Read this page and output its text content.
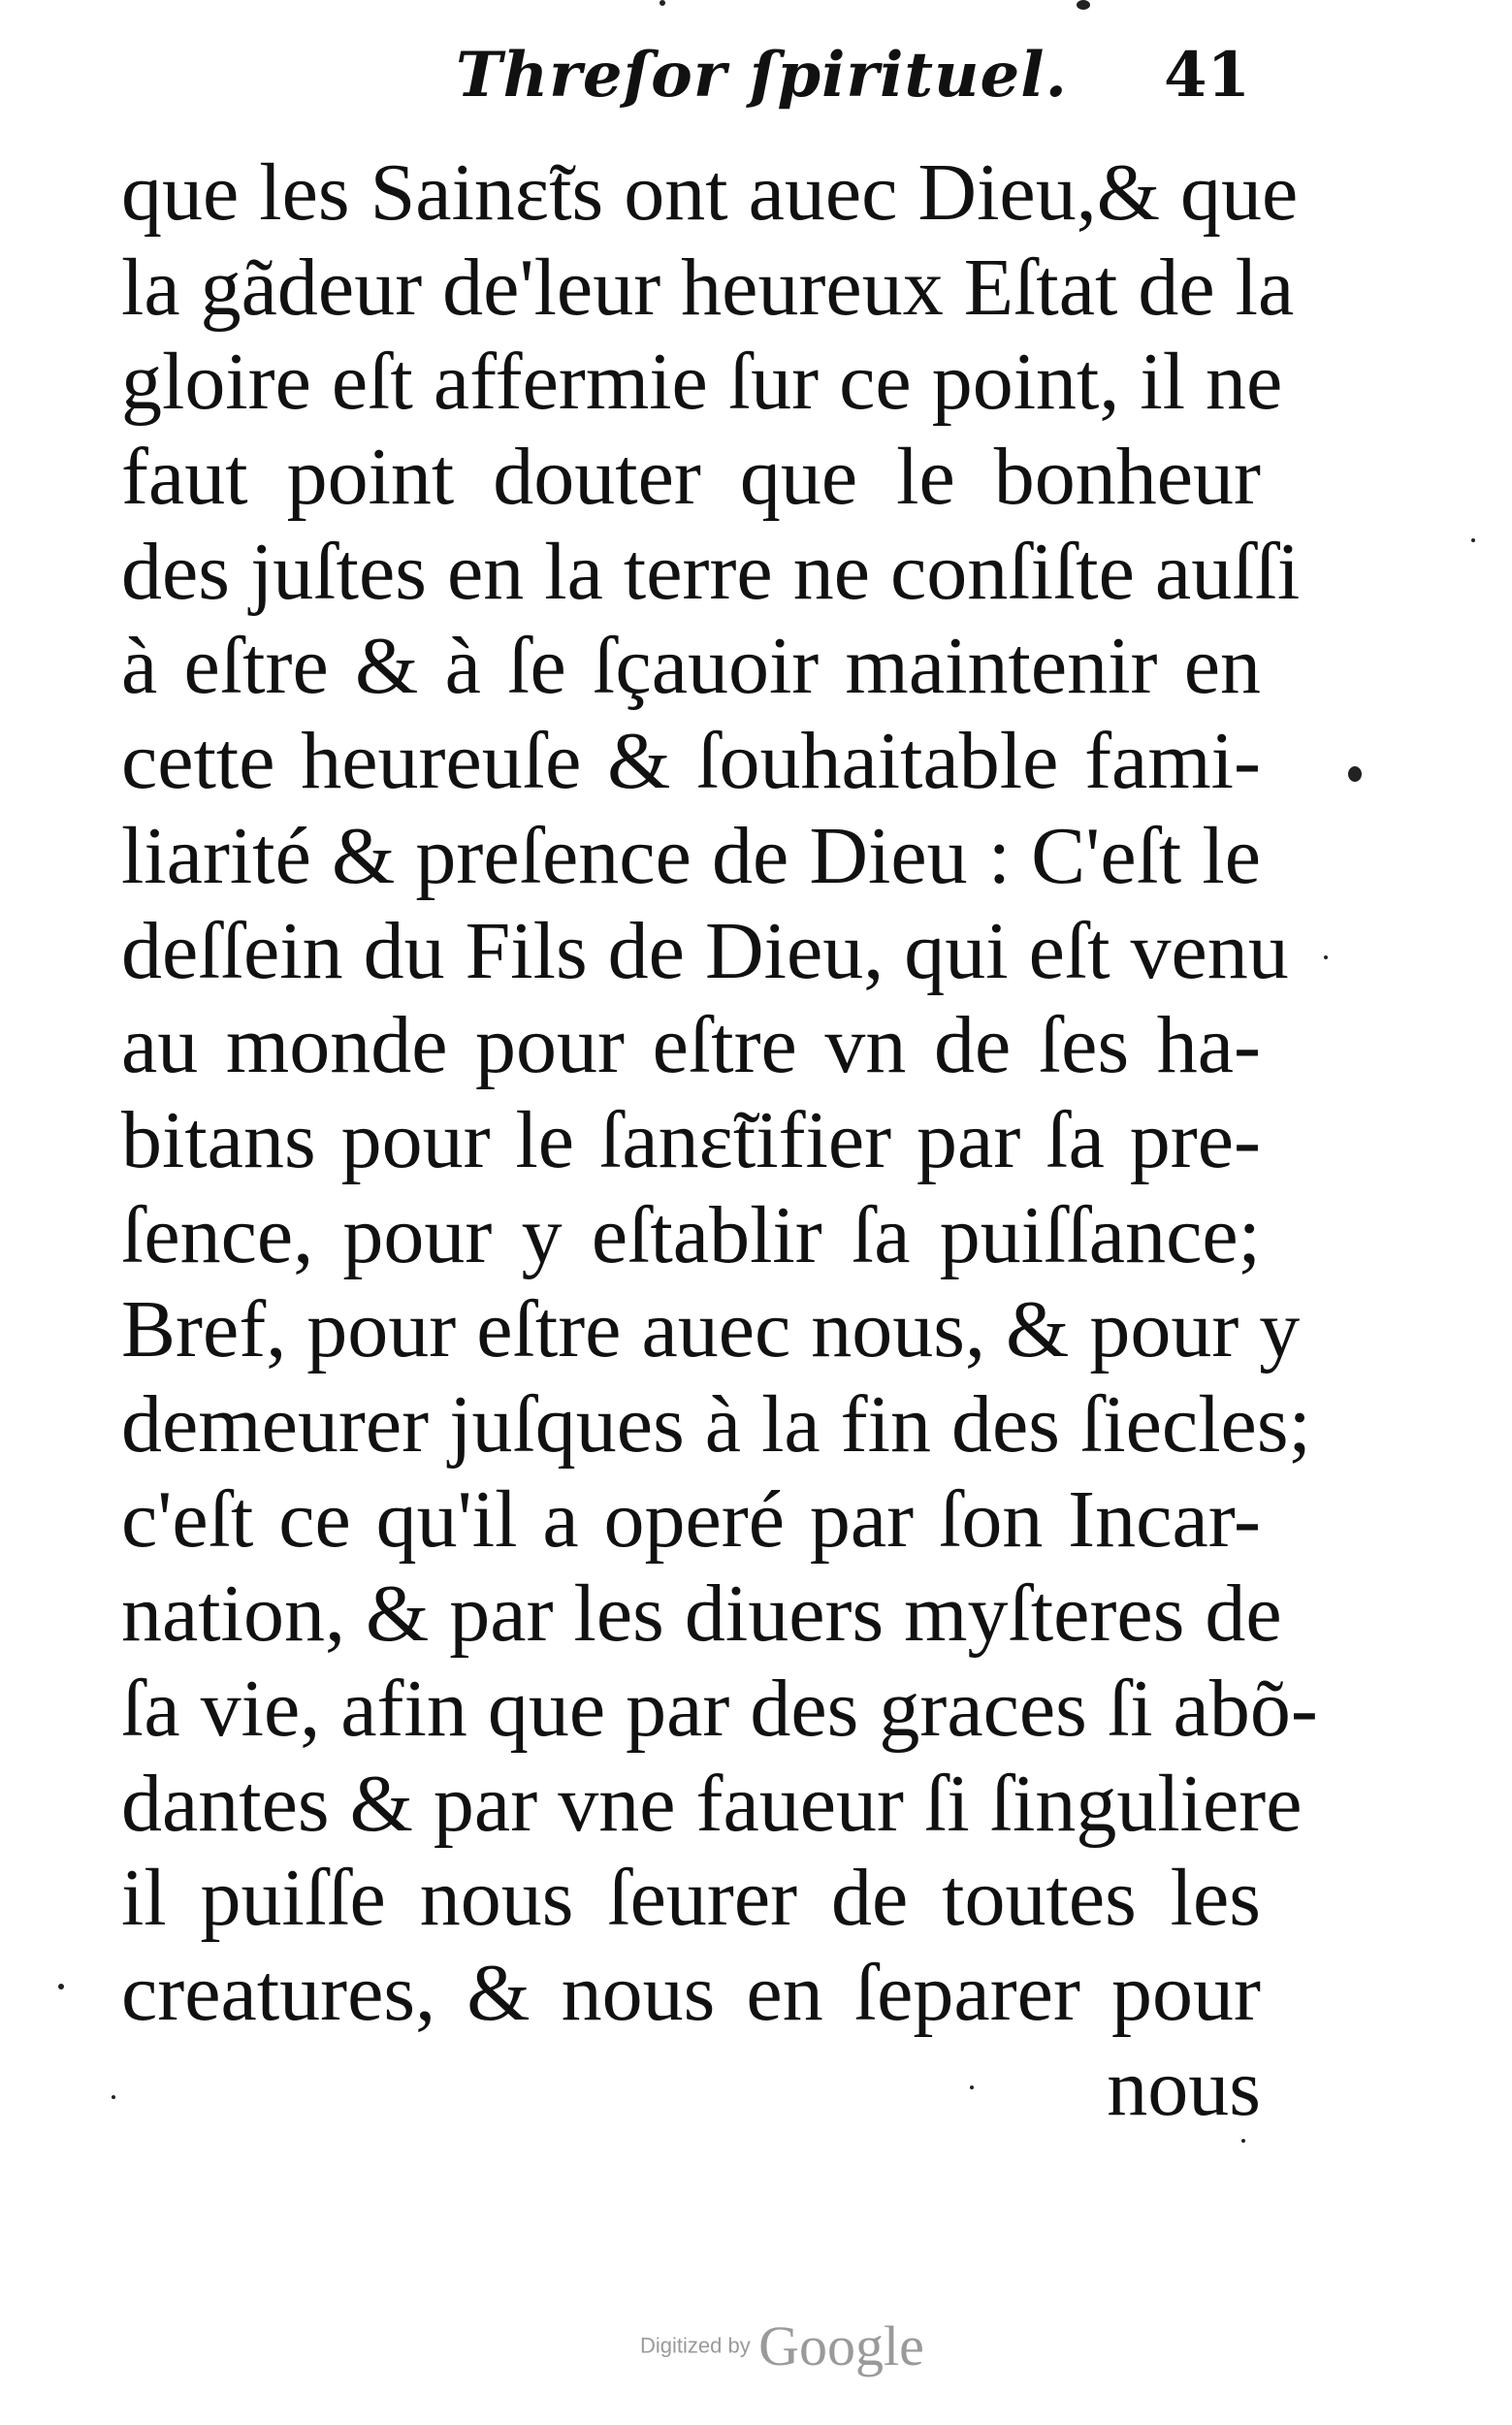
Threſor ſpirituel. 41
que les Sainɛ̃ts ont auec Dieu,& que
la gãdeur de'leur heureux Eſtat de la
gloire eſt affermie ſur ce point, il ne
faut point douter que le bonheur
des juſtes en la terre ne conſiſte auſſi
à eſtre & à ſe ſçauoir maintenir en
cette heureuſe & ſouhaitable fami-
liarité & preſence de Dieu : C'eſt le
deſſein du Fils de Dieu, qui eſt venu
au monde pour eſtre vn de ſes ha-
bitans pour le ſanɛ̃tifier par ſa pre-
ſence, pour y eſtablir ſa puiſſance;
Bref, pour eſtre auec nous, & pour y
demeurer juſques à la fin des ſiecles;
c'eſt ce qu'il a operé par ſon Incar-
nation, & par les diuers myſteres de
ſa vie, afin que par des graces ſi abõ-
dantes & par vne faueur ſi ſinguliere
il puiſſe nous ſeurer de toutes les
creatures, & nous en ſeparer pour
nous
Digitized by Google
